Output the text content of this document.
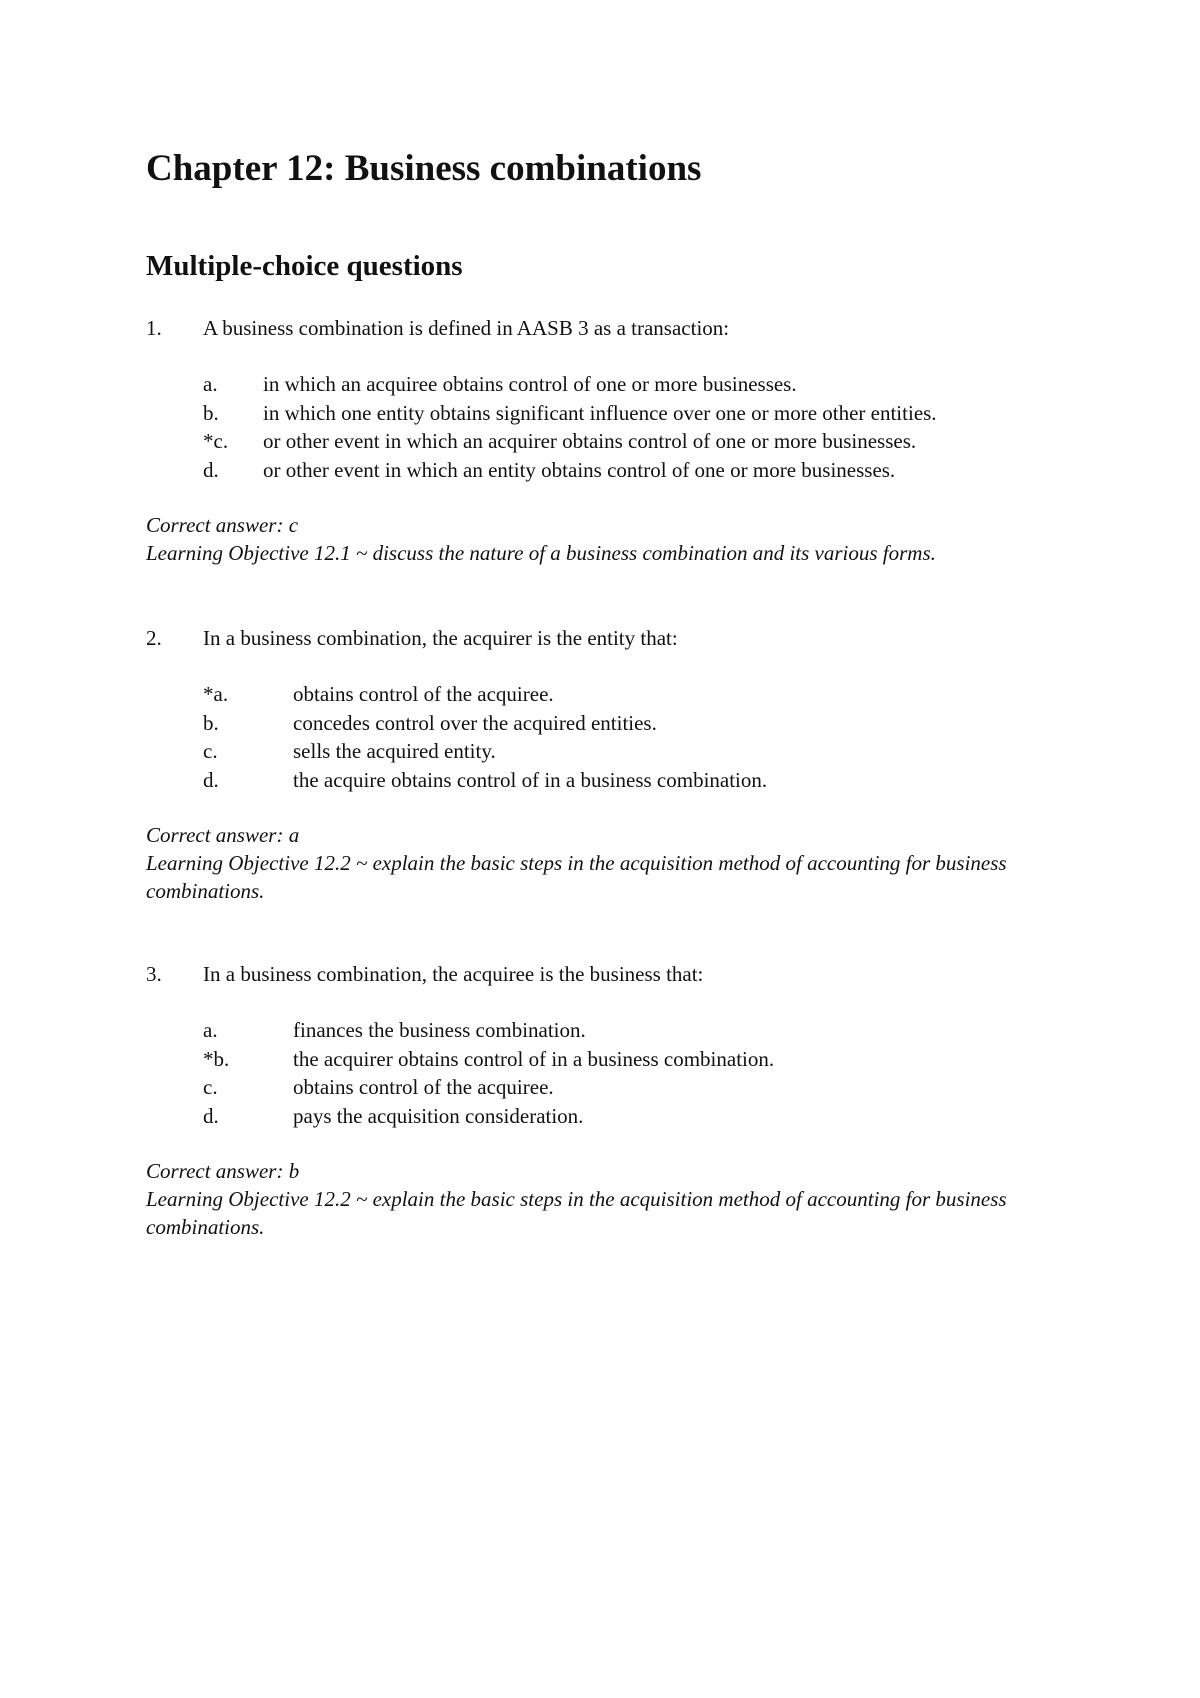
Chapter 12: Business combinations
Multiple-choice questions
1. A business combination is defined in AASB 3 as a transaction:
a. in which an acquiree obtains control of one or more businesses.
b. in which one entity obtains significant influence over one or more other entities.
*c. or other event in which an acquirer obtains control of one or more businesses.
d. or other event in which an entity obtains control of one or more businesses.
Correct answer: c
Learning Objective 12.1 ~ discuss the nature of a business combination and its various forms.
2. In a business combination, the acquirer is the entity that:
*a.	obtains control of the acquiree.
b.	concedes control over the acquired entities.
c.	sells the acquired entity.
d.	the acquire obtains control of in a business combination.
Correct answer: a
Learning Objective 12.2 ~ explain the basic steps in the acquisition method of accounting for business combinations.
3. In a business combination, the acquiree is the business that:
a.	finances the business combination.
*b.	the acquirer obtains control of in a business combination.
c.	obtains control of the acquiree.
d.	pays the acquisition consideration.
Correct answer: b
Learning Objective 12.2 ~ explain the basic steps in the acquisition method of accounting for business combinations.
